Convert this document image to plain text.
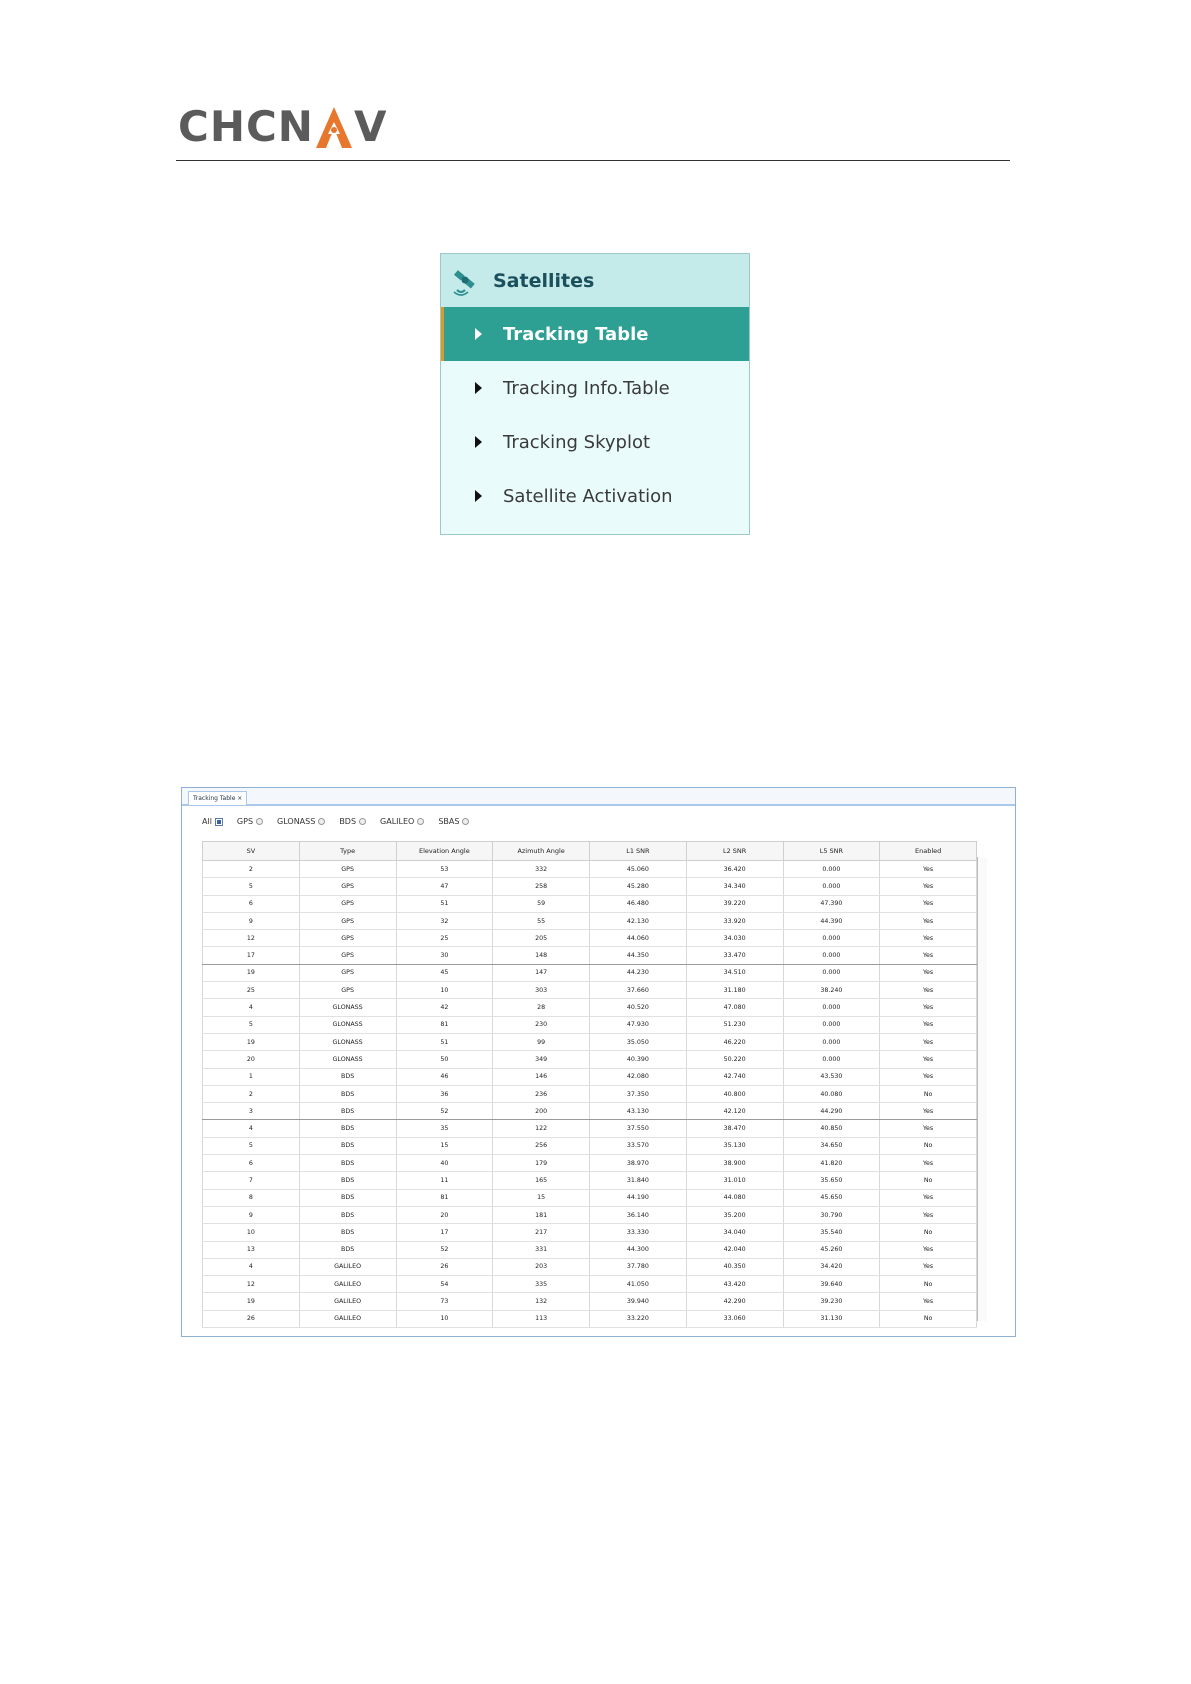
CHCN V
Satellites
Tracking Table
Tracking Info.Table
Tracking Skyplot
Satellite Activation
Tracking Table ×
All	GPS	GLONASS	BDS	GALILEO	SBAS
SV	Type	Elevation Angle	Azimuth Angle	L1 SNR	L2 SNR	L5 SNR	Enabled
2	GPS	53	332	45.060	36.420	0.000	Yes
5	GPS	47	258	45.280	34.340	0.000	Yes
6	GPS	51	59	46.480	39.220	47.390	Yes
9	GPS	32	55	42.130	33.920	44.390	Yes
12	GPS	25	205	44.060	34.030	0.000	Yes
17	GPS	30	148	44.350	33.470	0.000	Yes
19	GPS	45	147	44.230	34.510	0.000	Yes
25	GPS	10	303	37.660	31.180	38.240	Yes
4	GLONASS	42	28	40.520	47.080	0.000	Yes
5	GLONASS	81	230	47.930	51.230	0.000	Yes
19	GLONASS	51	99	35.050	46.220	0.000	Yes
20	GLONASS	50	349	40.390	50.220	0.000	Yes
1	BDS	46	146	42.080	42.740	43.530	Yes
2	BDS	36	236	37.350	40.800	40.080	No
3	BDS	52	200	43.130	42.120	44.290	Yes
4	BDS	35	122	37.550	38.470	40.850	Yes
5	BDS	15	256	33.570	35.130	34.650	No
6	BDS	40	179	38.970	38.900	41.820	Yes
7	BDS	11	165	31.840	31.010	35.650	No
8	BDS	81	15	44.190	44.080	45.650	Yes
9	BDS	20	181	36.140	35.200	30.790	Yes
10	BDS	17	217	33.330	34.040	35.540	No
13	BDS	52	331	44.300	42.040	45.260	Yes
4	GALILEO	26	203	37.780	40.350	34.420	Yes
12	GALILEO	54	335	41.050	43.420	39.640	No
19	GALILEO	73	132	39.940	42.290	39.230	Yes
26	GALILEO	10	113	33.220	33.060	31.130	No
